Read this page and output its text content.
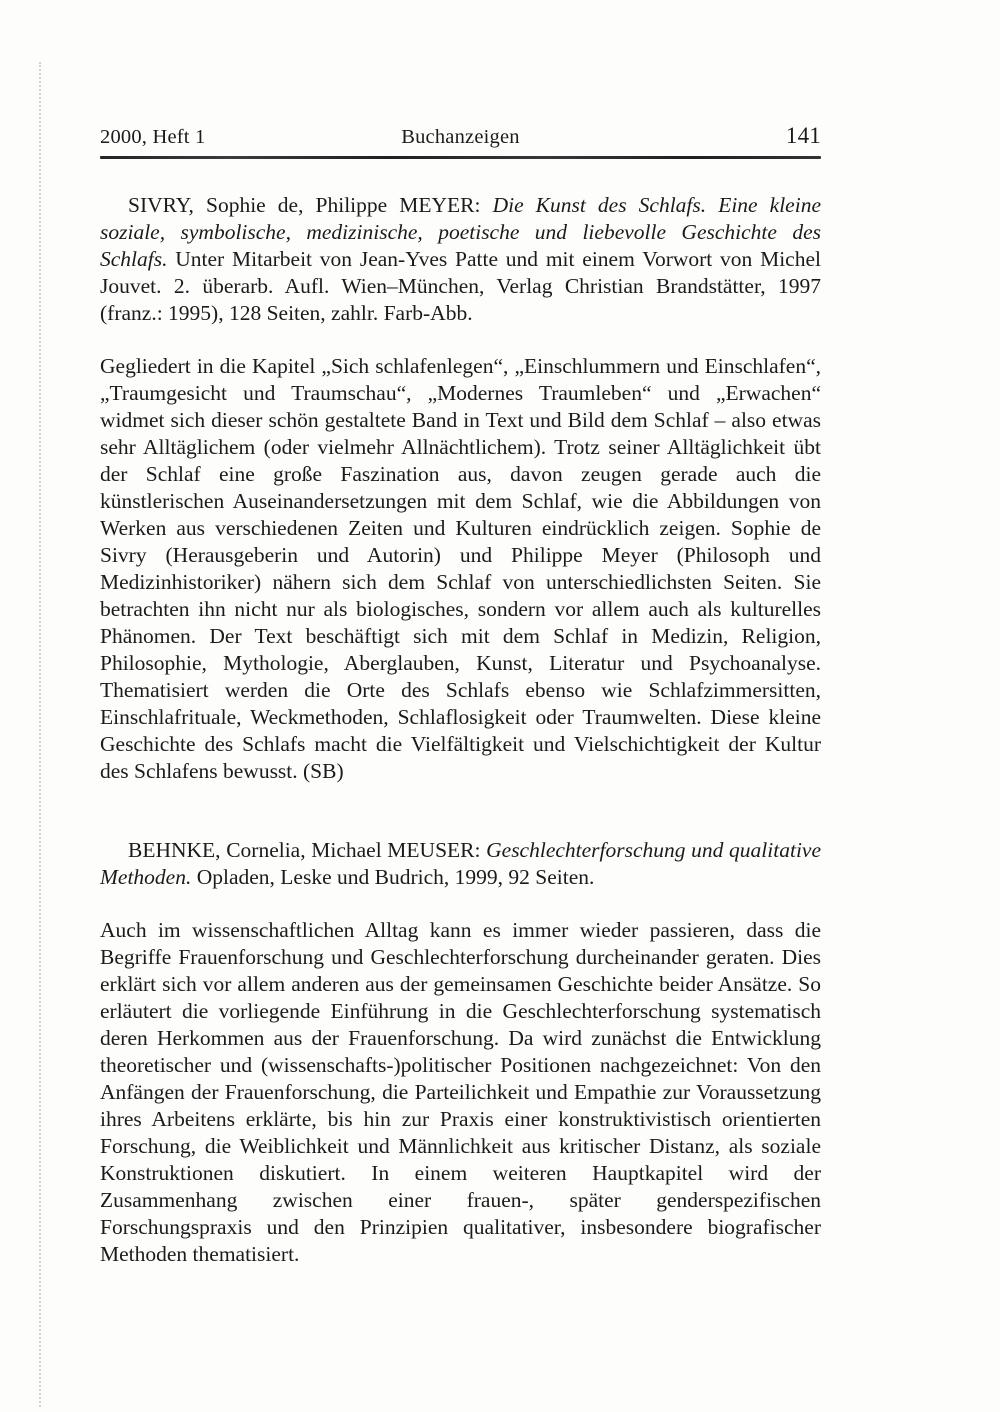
2000, Heft 1	Buchanzeigen	141

SIVRY, Sophie de, Philippe MEYER: Die Kunst des Schlafs. Eine kleine soziale, symbolische, medizinische, poetische und liebevolle Geschichte des Schlafs. Unter Mitarbeit von Jean-Yves Patte und mit einem Vorwort von Michel Jouvet. 2. überarb. Aufl. Wien–München, Verlag Christian Brandstätter, 1997 (franz.: 1995), 128 Seiten, zahlr. Farb-Abb.

Gegliedert in die Kapitel „Sich schlafenlegen“, „Einschlummern und Einschlafen“, „Traumgesicht und Traumschau“, „Modernes Traumleben“ und „Erwachen“ widmet sich dieser schön gestaltete Band in Text und Bild dem Schlaf – also etwas sehr Alltäglichem (oder vielmehr Allnächtlichem). Trotz seiner Alltäglichkeit übt der Schlaf eine große Faszination aus, davon zeugen gerade auch die künstlerischen Auseinandersetzungen mit dem Schlaf, wie die Abbildungen von Werken aus verschiedenen Zeiten und Kulturen eindrücklich zeigen. Sophie de Sivry (Herausgeberin und Autorin) und Philippe Meyer (Philosoph und Medizinhistoriker) nähern sich dem Schlaf von unterschiedlichsten Seiten. Sie betrachten ihn nicht nur als biologisches, sondern vor allem auch als kulturelles Phänomen. Der Text beschäftigt sich mit dem Schlaf in Medizin, Religion, Philosophie, Mythologie, Aberglauben, Kunst, Literatur und Psychoanalyse. Thematisiert werden die Orte des Schlafs ebenso wie Schlafzimmersitten, Einschlafrituale, Weckmethoden, Schlaflosigkeit oder Traumwelten. Diese kleine Geschichte des Schlafs macht die Vielfältigkeit und Vielschichtigkeit der Kultur des Schlafens bewusst. (SB)

BEHNKE, Cornelia, Michael MEUSER: Geschlechterforschung und qualitative Methoden. Opladen, Leske und Budrich, 1999, 92 Seiten.

Auch im wissenschaftlichen Alltag kann es immer wieder passieren, dass die Begriffe Frauenforschung und Geschlechterforschung durcheinander geraten. Dies erklärt sich vor allem anderen aus der gemeinsamen Geschichte beider Ansätze. So erläutert die vorliegende Einführung in die Geschlechterforschung systematisch deren Herkommen aus der Frauenforschung. Da wird zunächst die Entwicklung theoretischer und (wissenschafts-)politischer Positionen nachgezeichnet: Von den Anfängen der Frauenforschung, die Parteilichkeit und Empathie zur Voraussetzung ihres Arbeitens erklärte, bis hin zur Praxis einer konstruktivistisch orientierten Forschung, die Weiblichkeit und Männlichkeit aus kritischer Distanz, als soziale Konstruktionen diskutiert. In einem weiteren Hauptkapitel wird der Zusammenhang zwischen einer frauen-, später genderspezifischen Forschungspraxis und den Prinzipien qualitativer, insbesondere biografischer Methoden thematisiert.
